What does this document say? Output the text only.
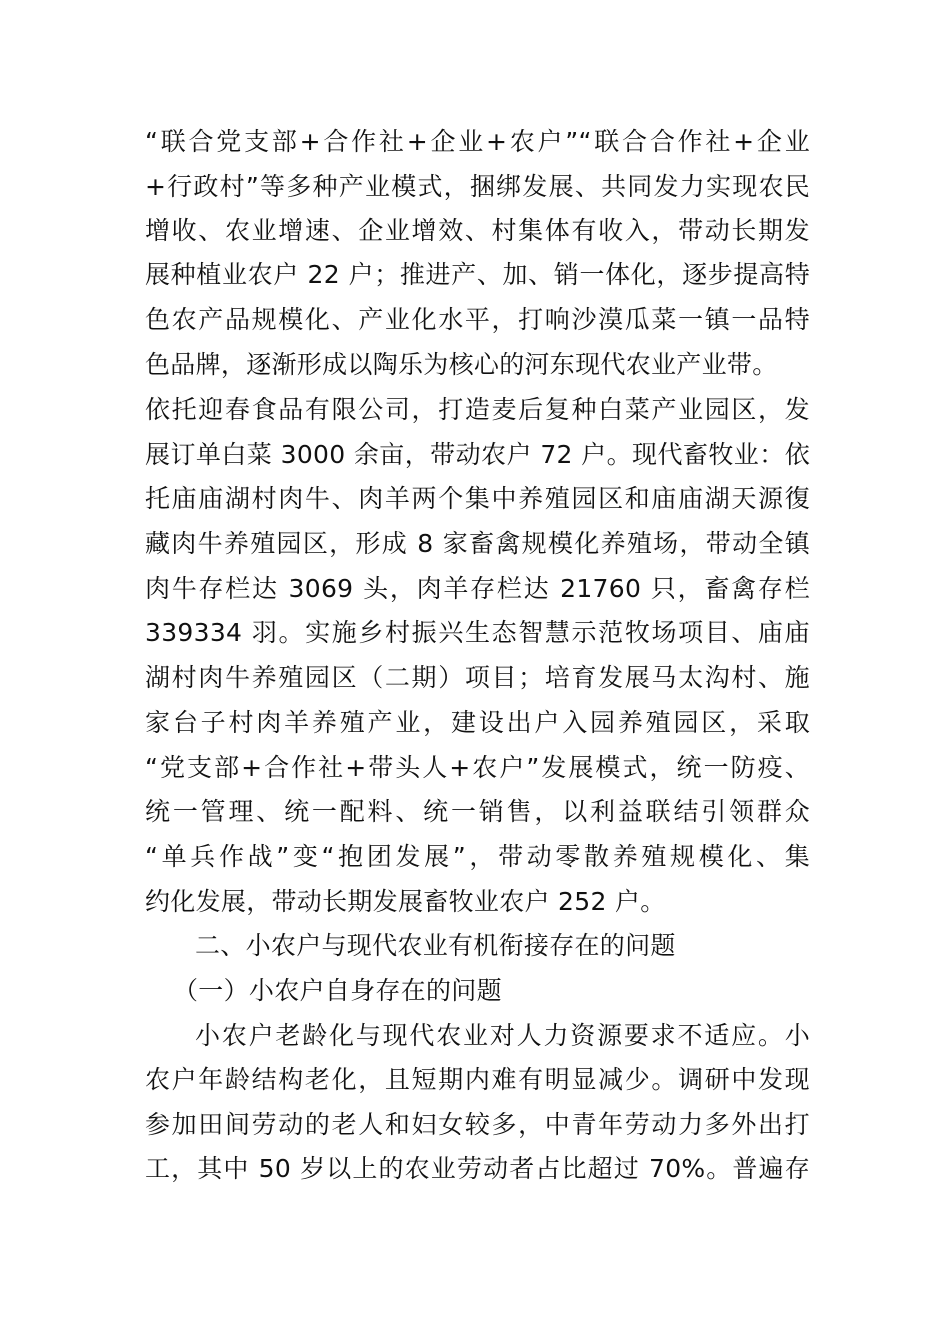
“联合党支部+合作社+企业+农户”“联合合作社+企业
+行政村”等多种产业模式，捆绑发展、共同发力实现农民
增收、农业增速、企业增效、村集体有收入，带动长期发
展种植业农户 22 户；推进产、加、销一体化，逐步提高特
色农产品规模化、产业化水平，打响沙漠瓜菜一镇一品特
色品牌，逐渐形成以陶乐为核心的河东现代农业产业带。
依托迎春食品有限公司，打造麦后复种白菜产业园区，发
展订单白菜 3000 余亩，带动农户 72 户。现代畜牧业：依
托庙庙湖村肉牛、肉羊两个集中养殖园区和庙庙湖天源復
藏肉牛养殖园区，形成 8 家畜禽规模化养殖场，带动全镇
肉牛存栏达 3069 头，肉羊存栏达 21760 只，畜禽存栏
339334 羽。实施乡村振兴生态智慧示范牧场项目、庙庙
湖村肉牛养殖园区（二期）项目；培育发展马太沟村、施
家台子村肉羊养殖产业，建设出户入园养殖园区，采取
“党支部+合作社+带头人+农户”发展模式，统一防疫、
统一管理、统一配料、统一销售，以利益联结引领群众
“单兵作战”变“抱团发展”，带动零散养殖规模化、集
约化发展，带动长期发展畜牧业农户 252 户。
二、小农户与现代农业有机衔接存在的问题
（一）小农户自身存在的问题
小农户老龄化与现代农业对人力资源要求不适应。小
农户年龄结构老化，且短期内难有明显减少。调研中发现
参加田间劳动的老人和妇女较多，中青年劳动力多外出打
工，其中 50 岁以上的农业劳动者占比超过 70%。普遍存
